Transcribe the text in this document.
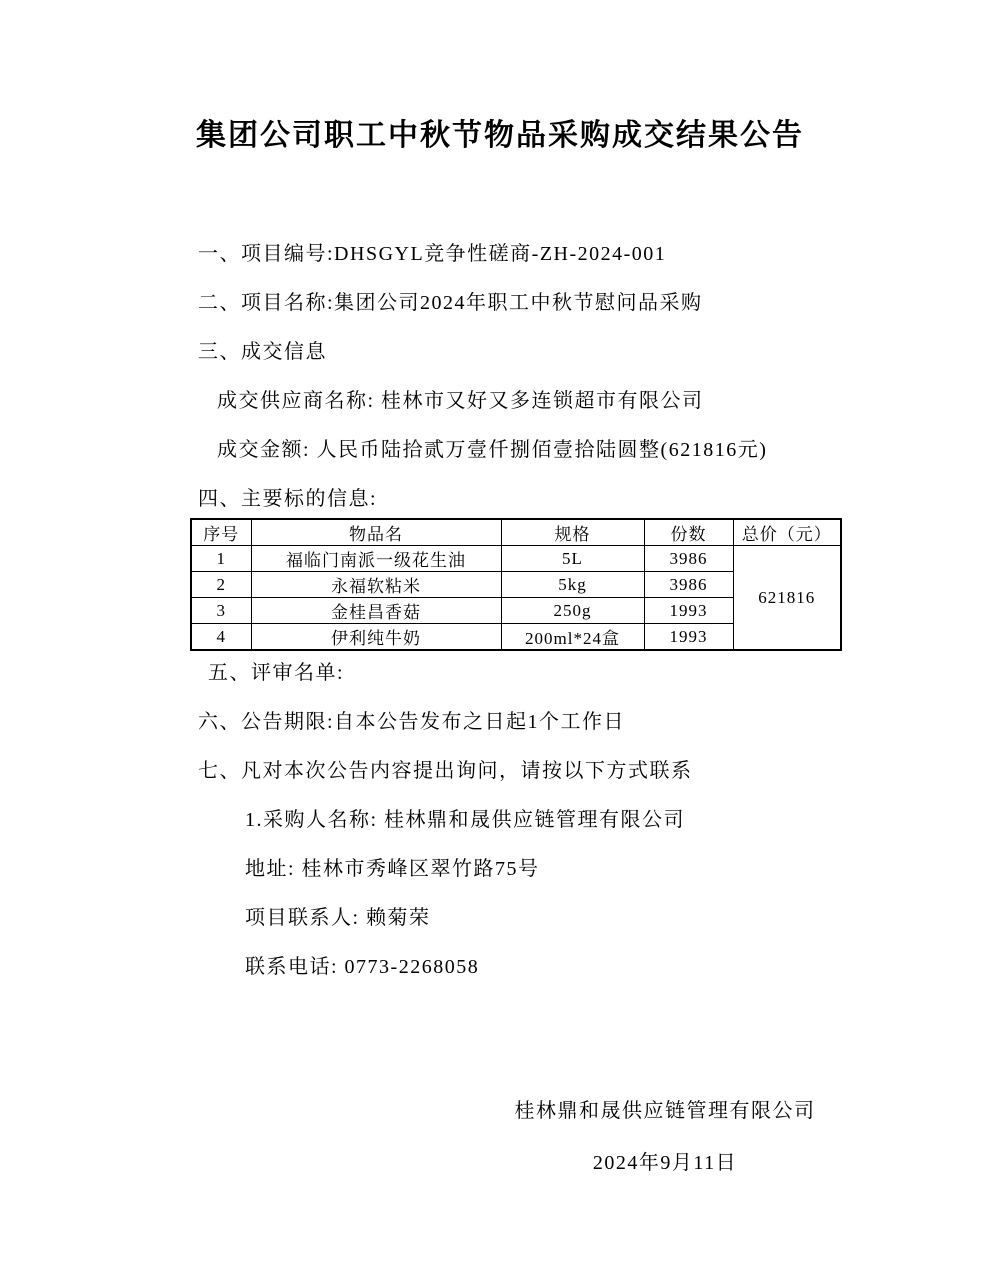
集团公司职工中秋节物品采购成交结果公告

一、项目编号:DHSGYL竞争性磋商-ZH-2024-001

二、项目名称:集团公司2024年职工中秋节慰问品采购

三、成交信息

成交供应商名称: 桂林市又好又多连锁超市有限公司

成交金额: 人民币陆拾贰万壹仟捌佰壹拾陆圆整(621816元)

四、主要标的信息:

序号	物品名	规格	份数	总价（元）
1	福临门南派一级花生油	5L	3986	621816
2	永福软粘米	5kg	3986	
3	金桂昌香菇	250g	1993	
4	伊利纯牛奶	200ml*24盒	1993	

五、评审名单:

六、公告期限:自本公告发布之日起1个工作日

七、凡对本次公告内容提出询问，请按以下方式联系

1.采购人名称: 桂林鼎和晟供应链管理有限公司

地址: 桂林市秀峰区翠竹路75号

项目联系人: 赖菊荣

联系电话: 0773-2268058

桂林鼎和晟供应链管理有限公司

2024年9月11日
